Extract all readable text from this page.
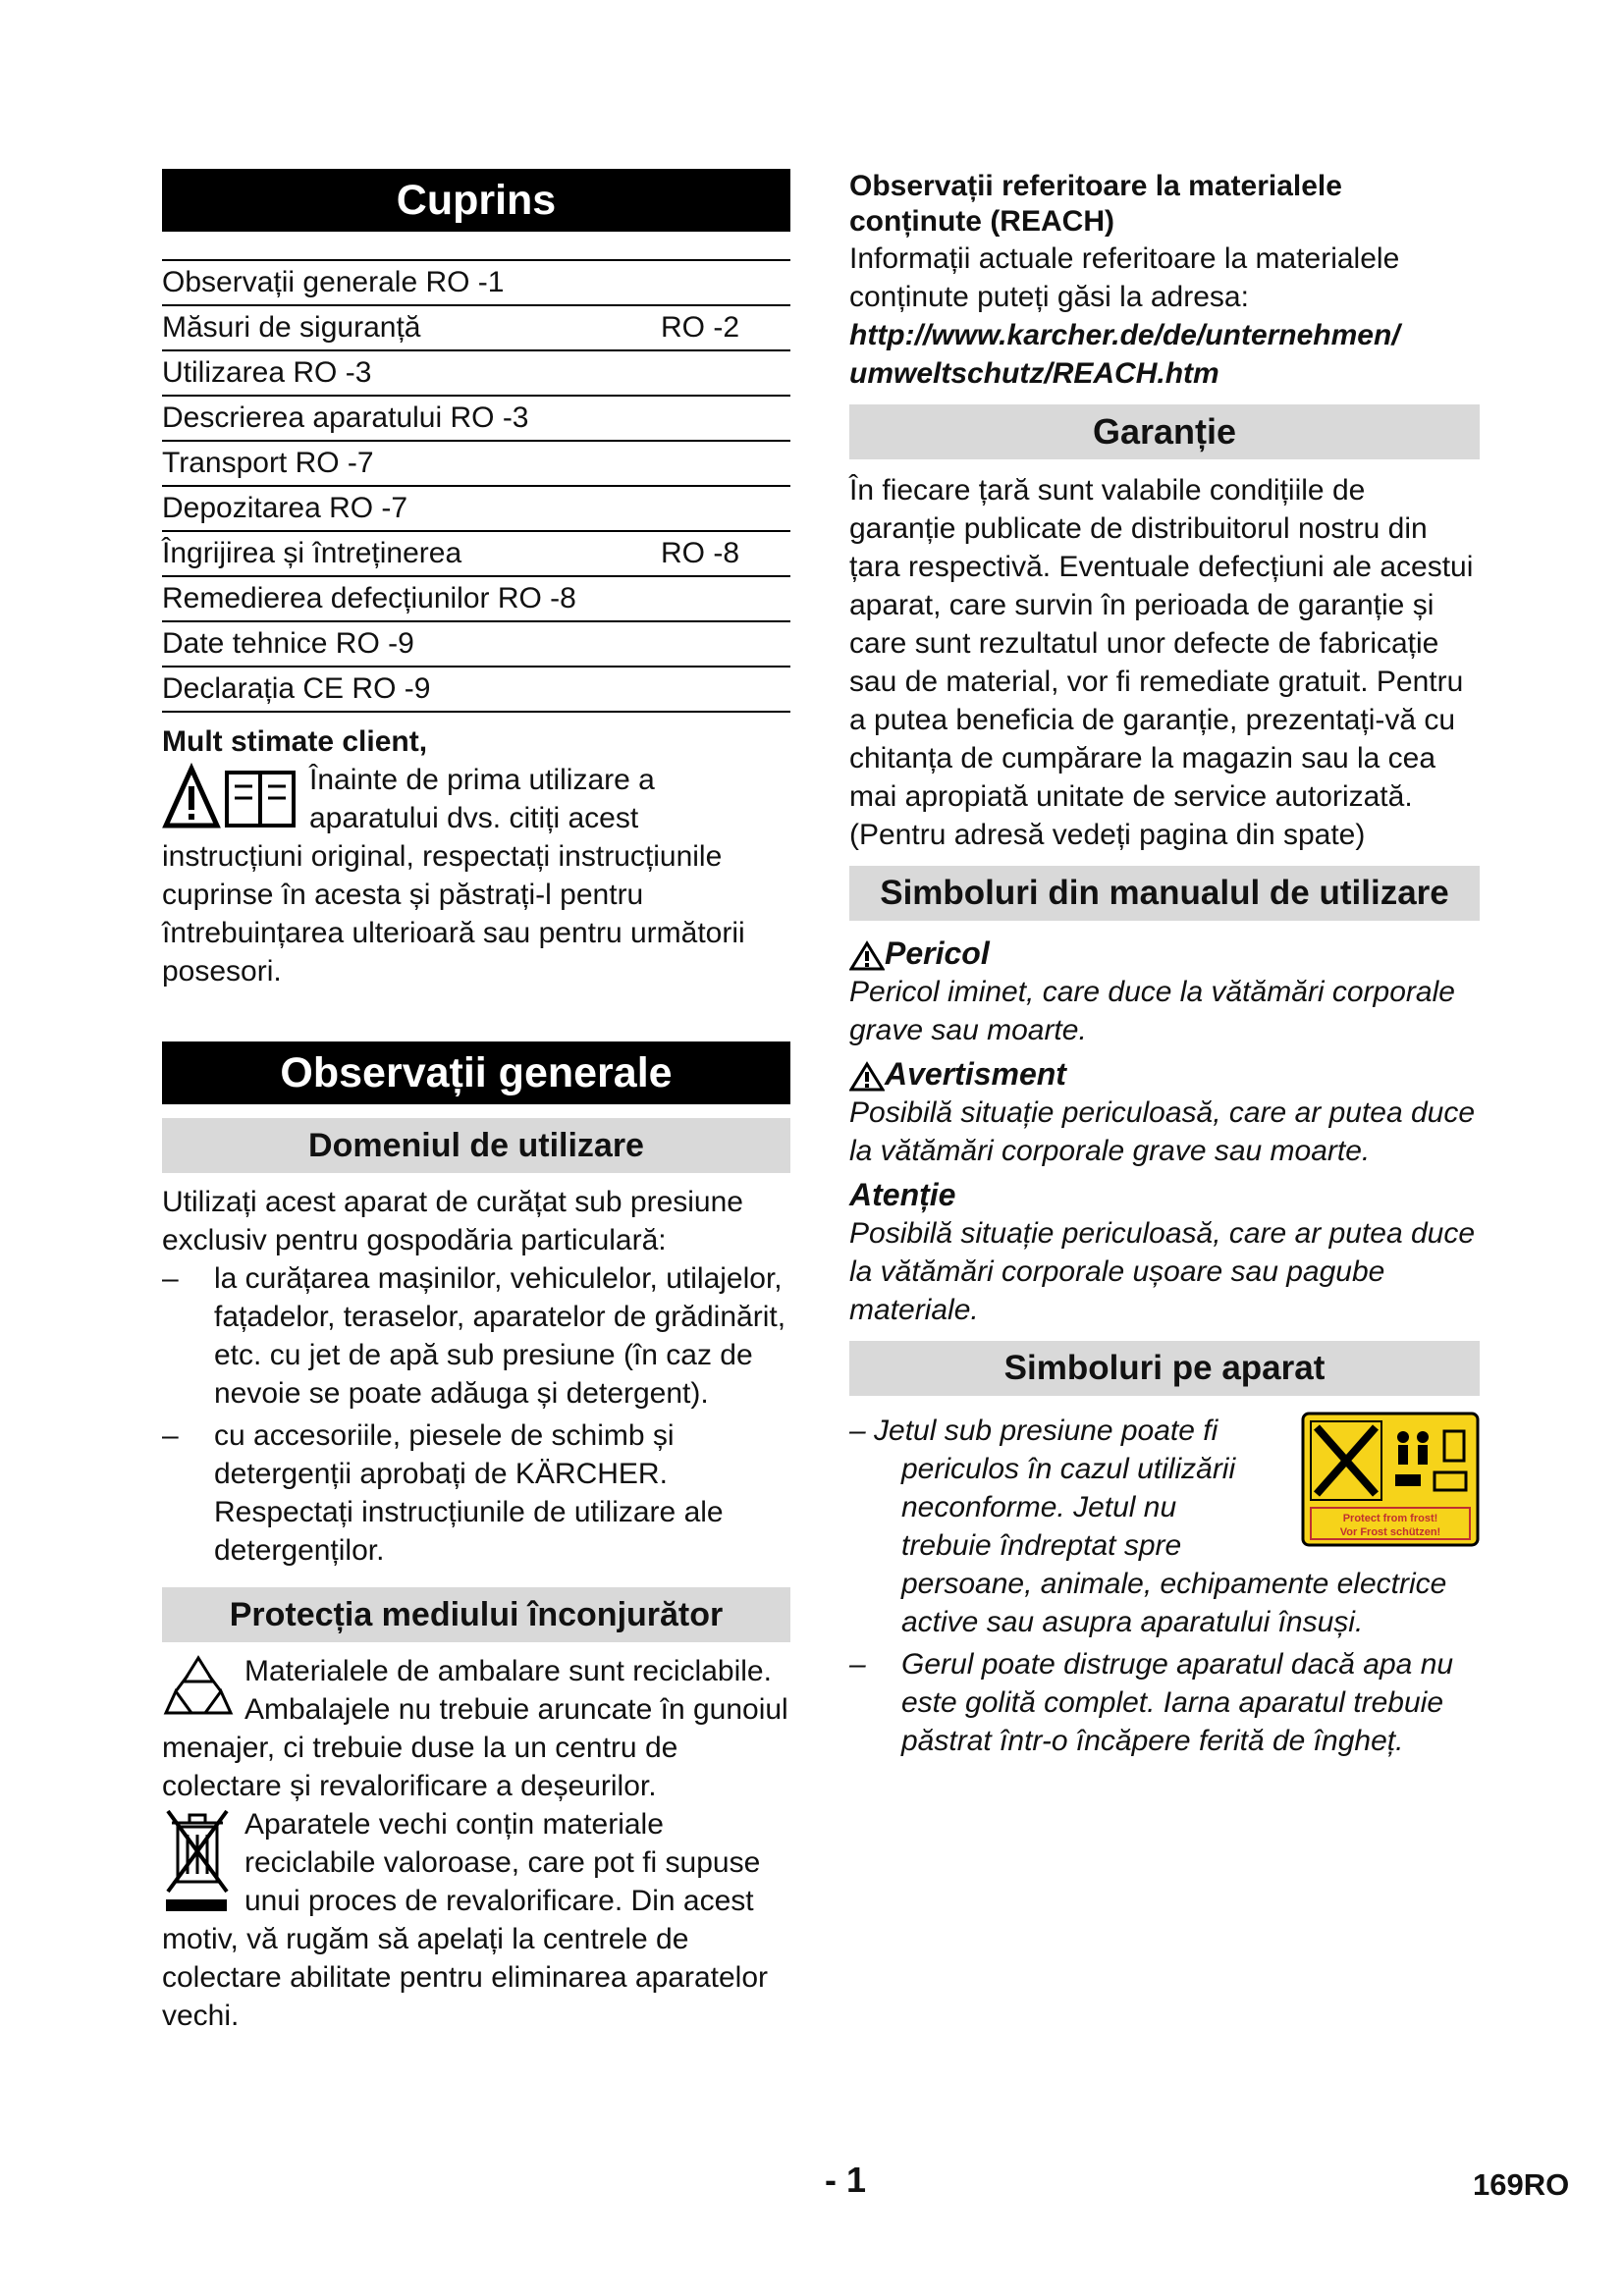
Cuprins
Observații generale RO -1
Măsuri de siguranță	RO -2
Utilizarea RO -3
Descrierea aparatului RO -3
Transport RO -7
Depozitarea RO -7
Îngrijirea și întreținerea	RO -8
Remedierea defecțiunilor RO -8
Date tehnice RO -9
Declarația CE RO -9

Mult stimate client,

Înainte de prima utilizare a

aparatului dvs. citiți acest

instrucțiuni original, respectați instrucțiunile cuprinse în acesta și păstrați-l pentru întrebuințarea ulterioară sau pentru următorii posesori.

Observații generale
Domeniul de utilizare

Utilizați acest aparat de curățat sub presiune exclusiv pentru gospodăria particulară:

– la curățarea mașinilor, vehiculelor, utilajelor, fațadelor, teraselor, aparatelor de grădinărit, etc. cu jet de apă sub presiune (în caz de nevoie se poate adăuga și detergent).
– cu accesoriile, piesele de schimb și detergenții aprobați de KÄRCHER.

Respectați instrucțiunile de utilizare ale detergenților.

Protecția mediului înconjurător

Materialele de ambalare sunt reciclabile. Ambalajele nu trebuie aruncate în gunoiul menajer, ci trebuie duse la un centru de colectare și revalorificare a deșeurilor.

Aparatele vechi conțin materiale reciclabile valoroase, care pot fi supuse unui proces de revalorificare. Din acest motiv, vă rugăm să apelați la centrele de colectare abilitate pentru eliminarea aparatelor vechi.

Observații referitoare la materialele conținute (REACH)

Informații actuale referitoare la materialele conținute puteți găsi la adresa:

http://www.karcher.de/de/unternehmen/

umweltschutz/REACH.htm

Garanție

În fiecare țară sunt valabile condițiile de garanție publicate de distribuitorul nostru din țara respectivă. Eventuale defecțiuni ale acestui aparat, care survin în perioada de garanție și care sunt rezultatul unor defecte de fabricație sau de material, vor fi remediate gratuit. Pentru a putea beneficia de garanție, prezentați-vă cu chitanța de cumpărare la magazin sau la cea mai apropiată unitate de service autorizată.

(Pentru adresă vedeți pagina din spate)

Simboluri din manualul de utilizare

Pericol

Pericol iminet, care duce la vătămări corporale grave sau moarte.

Avertisment

Posibilă situație periculoasă, care ar putea duce la vătămări corporale grave sau moarte.

Atenție

Posibilă situație periculoasă, care ar putea duce la vătămări corporale ușoare sau pagube materiale.

Simboluri pe aparat
Protect from frost!
Vor Frost schützen!

– Jetul sub presiune poate fi

periculos în cazul utilizării

neconforme. Jetul nu

trebuie îndreptat spre

persoane, animale, echipamente electrice active sau asupra aparatului însuși.

– Gerul poate distruge aparatul dacă apa nu este golită complet. Iarna aparatul trebuie păstrat într-o încăpere ferită de îngheț.
- 1	169RO
